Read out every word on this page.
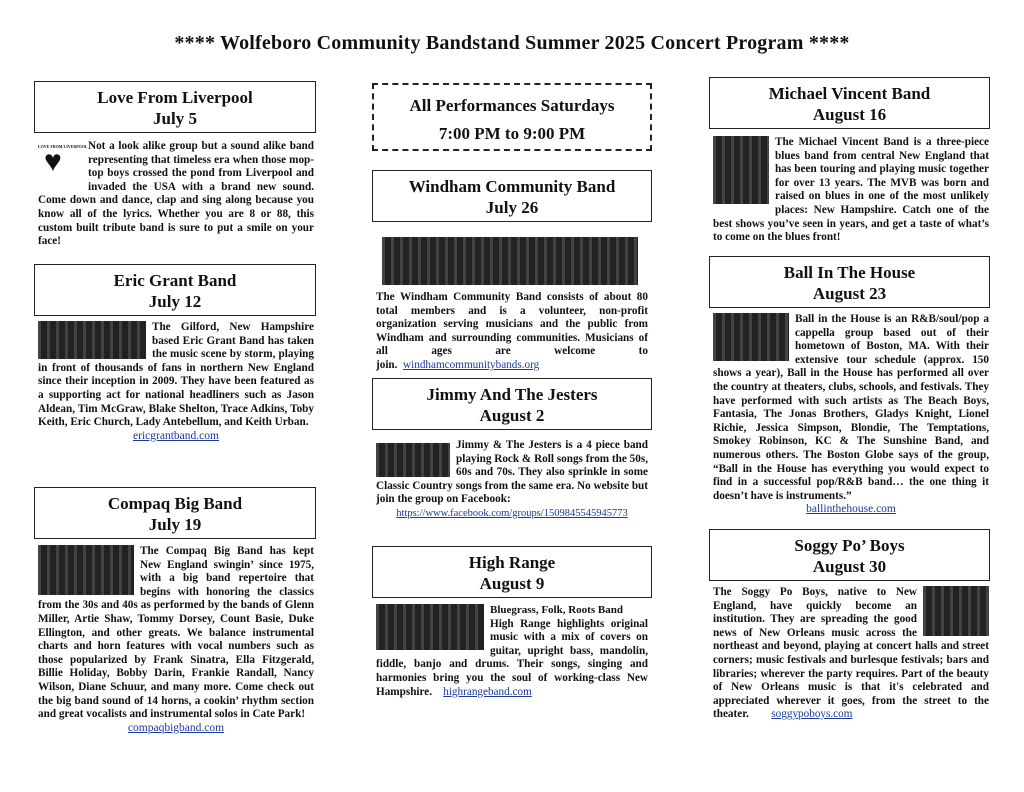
**** Wolfeboro Community Bandstand Summer 2025 Concert Program ****
Love From Liverpool
July 5
LOVE FROM LIVERPOOL
♥	Not a look alike group but a sound alike band representing that timeless era when those mop-top boys crossed the pond from Liverpool and invaded the USA with a brand new sound. Come down and dance, clap and sing along because you know all of the lyrics. Whether you are 8 or 88, this custom built tribute band is sure to put a smile on your face!

Eric Grant Band
July 12

The Gilford, New Hampshire based Eric Grant Band has taken the music scene by storm, playing in front of thousands of fans in northern New England since their inception in 2009. They have been featured as a supporting act for national headliners such as Jason Aldean, Tim McGraw, Blake Shelton, Trace Adkins, Toby Keith, Eric Church, Lady Antebellum, and Keith Urban.

ericgrantband.com
Compaq Big Band
July 19

The Compaq Big Band has kept New England swingin’ since 1975, with a big band repertoire that begins with honoring the classics from the 30s and 40s as performed by the bands of Glenn Miller, Artie Shaw, Tommy Dorsey, Count Basie, Duke Ellington, and other greats. We balance instrumental charts and horn features with vocal numbers such as those popularized by Frank Sinatra, Ella Fitzgerald, Billie Holiday, Bobby Darin, Frankie Randall, Nancy Wilson, Diane Schuur, and many more. Come check out the big band sound of 14 horns, a cookin’ rhythm section and great vocalists and instrumental solos in Cate Park!

compaqbigband.com
All Performances Saturdays
7:00 PM to 9:00 PM
Windham Community Band
July 26

The Windham Community Band consists of about 80 total members and is a volunteer, non-profit organization serving musicians and the public from Windham and surrounding communities. Musicians of all ages are welcome to join. windhamcommunitybands.org

Jimmy And The Jesters
August 2

Jimmy & The Jesters is a 4 piece band playing Rock & Roll songs from the 50s, 60s and 70s. They also sprinkle in some Classic Country songs from the same era. No website but join the group on Facebook:

https://www.facebook.com/groups/1509845545945773
High Range
August 9

Bluegrass, Folk, Roots Band

High Range highlights original music with a mix of covers on guitar, upright bass, mandolin, fiddle, banjo and drums. Their songs, singing and harmonies bring you the soul of working-class New Hampshire. highrangeband.com

Michael Vincent Band
August 16

The Michael Vincent Band is a three-piece blues band from central New England that has been touring and playing music together for over 13 years. The MVB was born and raised on blues in one of the most unlikely places: New Hampshire. Catch one of the best shows you’ve seen in years, and get a taste of what’s to come on the blues front!

Ball In The House
August 23

Ball in the House is an R&B/soul/pop a cappella group based out of their hometown of Boston, MA. With their extensive tour schedule (approx. 150 shows a year), Ball in the House has performed all over the country at theaters, clubs, schools, and festivals. They have performed with such artists as The Beach Boys, Fantasia, The Jonas Brothers, Gladys Knight, Lionel Richie, Jessica Simpson, Blondie, The Temptations, Smokey Robinson, KC & The Sunshine Band, and numerous others. The Boston Globe says of the group, “Ball in the House has everything you would expect to find in a successful pop/R&B band… the one thing it doesn’t have is instruments.”

ballinthehouse.com
Soggy Po’ Boys
August 30

The Soggy Po Boys, native to New England, have quickly become an institution. They are spreading the good news of New Orleans music across the northeast and beyond, playing at concert halls and street corners; music festivals and burlesque festivals; bars and libraries; wherever the party requires. Part of the beauty of New Orleans music is that it's celebrated and appreciated wherever it goes, from the street to the theater. soggypoboys.com
